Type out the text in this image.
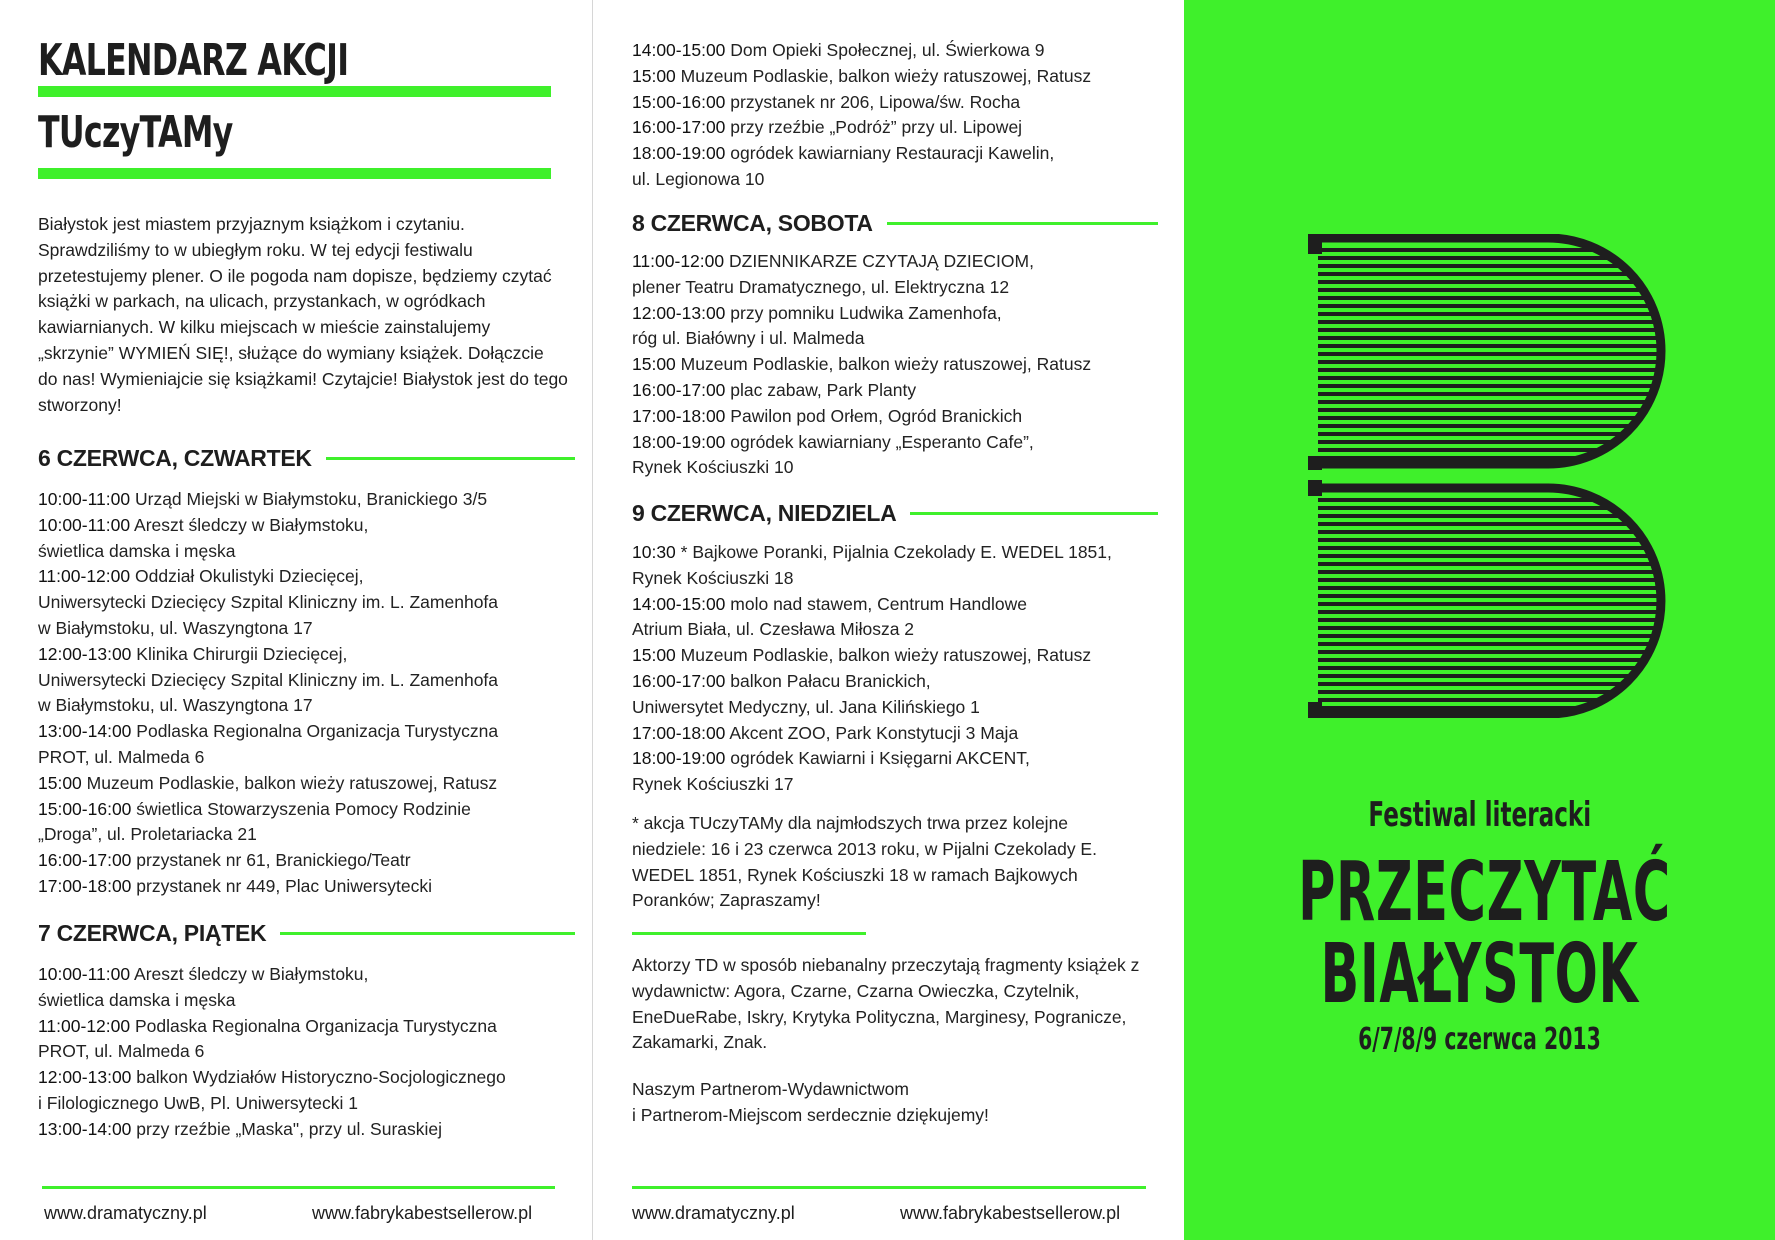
KALENDARZ AKCJI
TUczyTAMy

Białystok jest miastem przyjaznym książkom i czytaniu. Sprawdziliśmy to w ubiegłym roku. W tej edycji festiwalu przetestujemy plener. O ile pogoda nam dopisze, będziemy czytać książki w parkach, na ulicach, przystankach, w ogródkach kawiarnianych. W kilku miejscach w mieście zainstalujemy „skrzynie” WYMIEŃ SIĘ!, służące do wymiany książek. Dołączcie do nas! Wymieniajcie się książkami! Czytajcie! Białystok jest do tego stworzony!

6 CZERWCA, CZWARTEK
10:00-11:00 Urząd Miejski w Białymstoku, Branickiego 3/5
10:00-11:00 Areszt śledczy w Białymstoku,
świetlica damska i męska
11:00-12:00 Oddział Okulistyki Dziecięcej,
Uniwersytecki Dziecięcy Szpital Kliniczny im. L. Zamenhofa
w Białymstoku, ul. Waszyngtona 17
12:00-13:00 Klinika Chirurgii Dziecięcej,
Uniwersytecki Dziecięcy Szpital Kliniczny im. L. Zamenhofa
w Białymstoku, ul. Waszyngtona 17
13:00-14:00 Podlaska Regionalna Organizacja Turystyczna
PROT, ul. Malmeda 6
15:00 Muzeum Podlaskie, balkon wieży ratuszowej, Ratusz
15:00-16:00 świetlica Stowarzyszenia Pomocy Rodzinie
„Droga”, ul. Proletariacka 21
16:00-17:00 przystanek nr 61, Branickiego/Teatr
17:00-18:00 przystanek nr 449, Plac Uniwersytecki
7 CZERWCA, PIĄTEK
10:00-11:00 Areszt śledczy w Białymstoku,
świetlica damska i męska
11:00-12:00 Podlaska Regionalna Organizacja Turystyczna
PROT, ul. Malmeda 6
12:00-13:00 balkon Wydziałów Historyczno-Socjologicznego
i Filologicznego UwB, Pl. Uniwersytecki 1
13:00-14:00 przy rzeźbie „Maska", przy ul. Suraskiej
www.dramatyczny.pl	www.fabrykabestsellerow.pl
14:00-15:00 Dom Opieki Społecznej, ul. Świerkowa 9
15:00 Muzeum Podlaskie, balkon wieży ratuszowej, Ratusz
15:00-16:00 przystanek nr 206, Lipowa/św. Rocha
16:00-17:00 przy rzeźbie „Podróż” przy ul. Lipowej
18:00-19:00 ogródek kawiarniany Restauracji Kawelin,
ul. Legionowa 10
8 CZERWCA, SOBOTA
11:00-12:00 DZIENNIKARZE CZYTAJĄ DZIECIOM,
plener Teatru Dramatycznego, ul. Elektryczna 12
12:00-13:00 przy pomniku Ludwika Zamenhofa,
róg ul. Białówny i ul. Malmeda
15:00 Muzeum Podlaskie, balkon wieży ratuszowej, Ratusz
16:00-17:00 plac zabaw, Park Planty
17:00-18:00 Pawilon pod Orłem, Ogród Branickich
18:00-19:00 ogródek kawiarniany „Esperanto Cafe”,
Rynek Kościuszki 10
9 CZERWCA, NIEDZIELA
10:30 * Bajkowe Poranki, Pijalnia Czekolady E. WEDEL 1851,
Rynek Kościuszki 18
14:00-15:00 molo nad stawem, Centrum Handlowe
Atrium Biała, ul. Czesława Miłosza 2
15:00 Muzeum Podlaskie, balkon wieży ratuszowej, Ratusz
16:00-17:00 balkon Pałacu Branickich,
Uniwersytet Medyczny, ul. Jana Kilińskiego 1
17:00-18:00 Akcent ZOO, Park Konstytucji 3 Maja
18:00-19:00 ogródek Kawiarni i Księgarni AKCENT,
Rynek Kościuszki 17

* akcja TUczyTAMy dla najmłodszych trwa przez kolejne niedziele: 16 i 23 czerwca 2013 roku, w Pijalni Czekolady E. WEDEL 1851, Rynek Kościuszki 18 w ramach Bajkowych Poranków; Zapraszamy!

Aktorzy TD w sposób niebanalny przeczytają fragmenty książek z wydawnictw: Agora, Czarne, Czarna Owieczka, Czytelnik, EneDueRabe, Iskry, Krytyka Polityczna, Marginesy, Pogranicze, Zakamarki, Znak.

Naszym Partnerom-Wydawnictwom
i Partnerom-Miejscom serdecznie dziękujemy!

www.dramatyczny.pl	www.fabrykabestsellerow.pl
Festiwal literacki
PRZECZYTAĆ
BIAŁYSTOK
6/7/8/9 czerwca 2013
